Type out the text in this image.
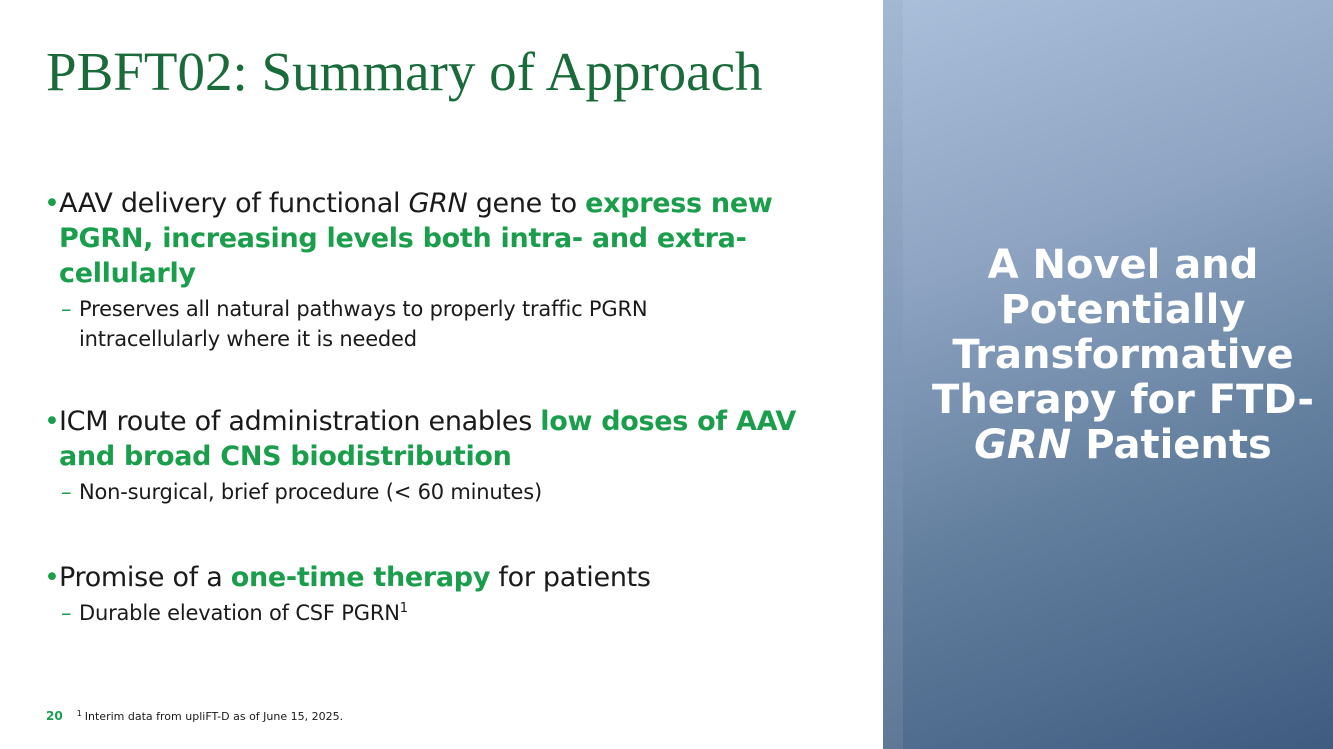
PBFT02: Summary of Approach
• AAV delivery of functional GRN gene to express new
PGRN, increasing levels both intra- and extra-cellularly
– Preserves all natural pathways to properly traffic PGRN
intracellularly where it is needed
• ICM route of administration enables low doses of AAV
and broad CNS biodistribution
– Non-surgical, brief procedure (< 60 minutes)
• Promise of a one-time therapy for patients
– Durable elevation of CSF PGRN$^1$
20 $^1$ Interim data from upliFT-D as of June 15, 2025.
A Novel and
Potentially
Transformative
Therapy for FTD-
GRN Patients
